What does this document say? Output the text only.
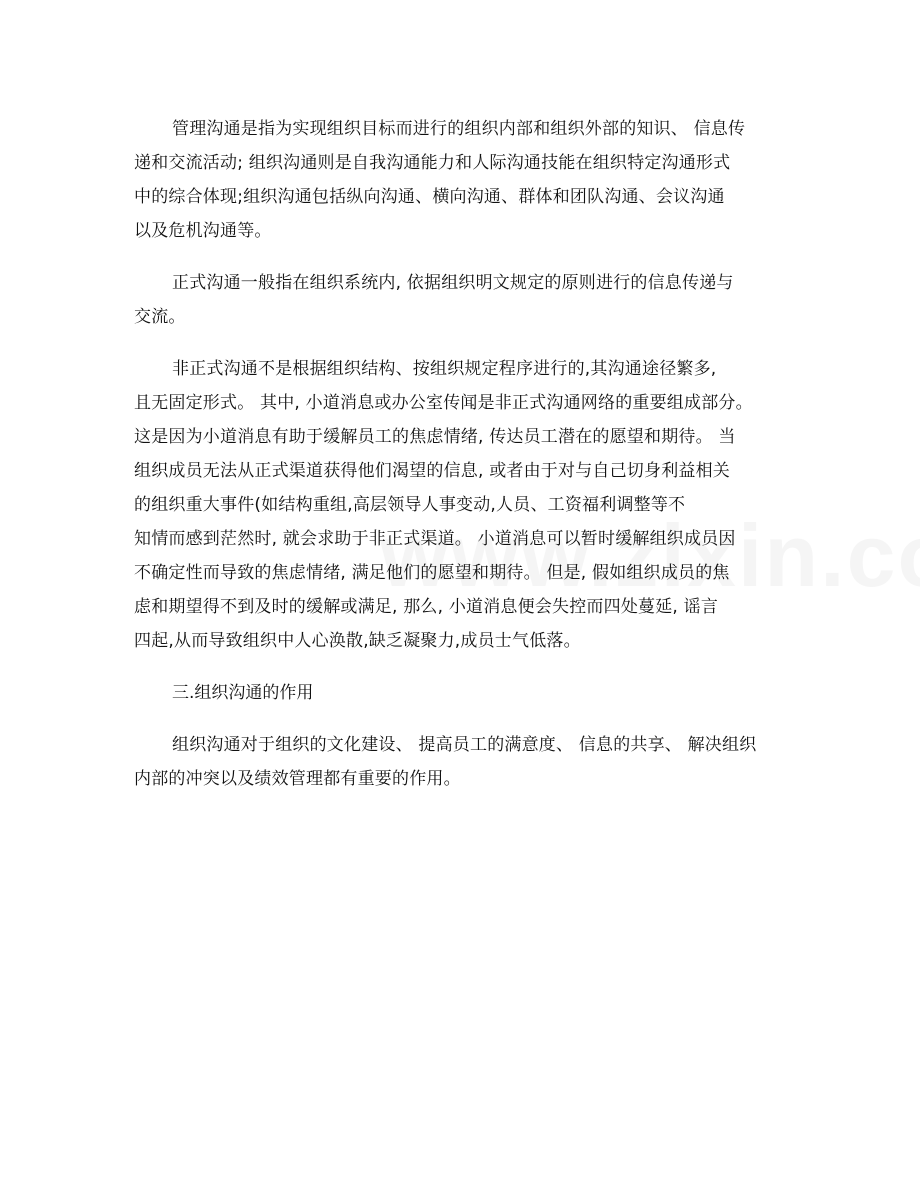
管理沟通是指为实现组织目标而进行的组织内部和组织外部的知识、 信息传
递和交流活动; 组织沟通则是自我沟通能力和人际沟通技能在组织特定沟通形式
中的综合体现;组织沟通包括纵向沟通、横向沟通、群体和团队沟通、会议沟通
以及危机沟通等。
正式沟通一般指在组织系统内, 依据组织明文规定的原则进行的信息传递与
交流。
非正式沟通不是根据组织结构、按组织规定程序进行的,其沟通途径繁多,
且无固定形式。 其中, 小道消息或办公室传闻是非正式沟通网络的重要组成部分。
这是因为小道消息有助于缓解员工的焦虑情绪, 传达员工潜在的愿望和期待。 当
组织成员无法从正式渠道获得他们渴望的信息, 或者由于对与自己切身利益相关
的组织重大事件(如结构重组,高层领导人事变动,人员、工资福利调整等不
知情而感到茫然时, 就会求助于非正式渠道。 小道消息可以暂时缓解组织成员因
不确定性而导致的焦虑情绪, 满足他们的愿望和期待。 但是, 假如组织成员的焦
虑和期望得不到及时的缓解或满足, 那么, 小道消息便会失控而四处蔓延, 谣言
四起,从而导致组织中人心涣散,缺乏凝聚力,成员士气低落。
三.组织沟通的作用
组织沟通对于组织的文化建设、 提高员工的满意度、 信息的共享、 解决组织
内部的冲突以及绩效管理都有重要的作用。
